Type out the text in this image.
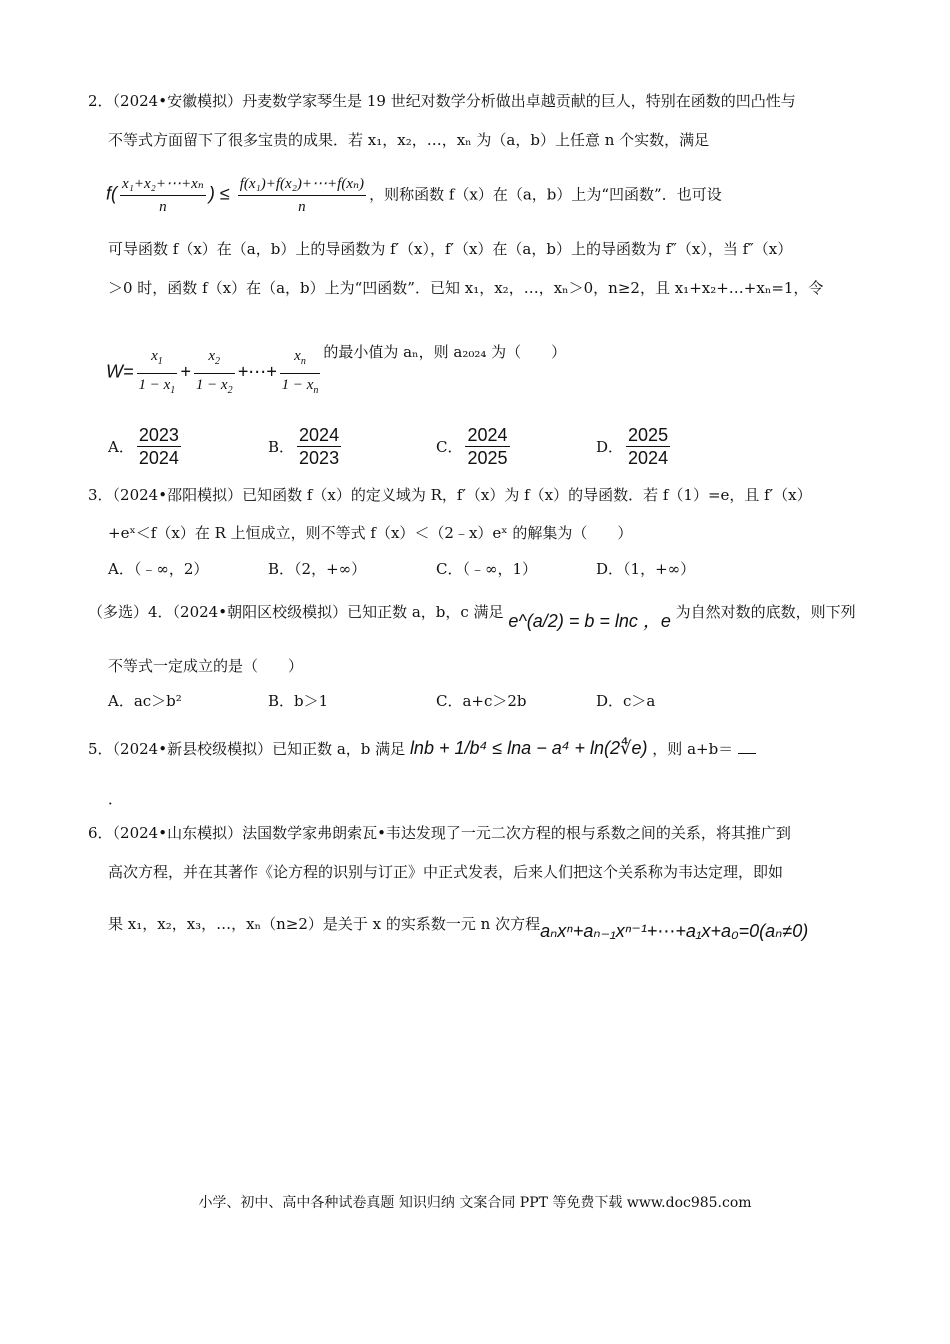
2．（2024•安徽模拟）丹麦数学家琴生是 19 世纪对数学分析做出卓越贡献的巨人，特别在函数的凹凸性与
不等式方面留下了很多宝贵的成果．若 x₁，x₂，…，xₙ 为（a，b）上任意 n 个实数，满足
$f( \frac{\text{x₁+x₂+⋯+xₙ}}{n}$ ) ≤ $\frac{\text{f(x₁)+f(x₂)+⋯+f(xₙ)}}{n}$ ，则称函数 f（x）在（a，b）上为“凹函数”．也可设
可导函数 f（x）在（a，b）上的导函数为 f′（x），f′（x）在（a，b）上的导函数为 f″（x），当 f″（x）
＞0 时，函数 f（x）在（a，b）上为“凹函数”．已知 x₁，x₂，…，xₙ＞0，n≥2，且 x₁+x₂+…+xₙ=1，令
$W= \frac{x_1}{1 - x_1} + \frac{x_2}{1 - x_2}$ +⋯+ $\frac{x_n}{1 - x_n}$ 的最小值为 aₙ，则 a₂₀₂₄ 为（　　）
A． $\frac{2023}{2024}$	B． $\frac{2024}{2023}$	C． $\frac{2024}{2025}$	D． $\frac{2025}{2024}$
3．（2024•邵阳模拟）已知函数 f（x）的定义域为 R，f′（x）为 f（x）的导函数．若 f（1）=e，且 f′（x）
+eˣ＜f（x）在 R 上恒成立，则不等式 f（x）＜（2﹣x）eˣ 的解集为（　　）
A．（﹣∞，2）	B．（2，+∞）	C．（﹣∞，1）	D．（1，+∞）
（多选）4．（2024•朝阳区校级模拟）已知正数 a，b，c 满足 e^(a/2) = b = lnc ，e 为自然对数的底数，则下列
不等式一定成立的是（　　）
A．ac＞b²	B．b＞1	C．a+c＞2b	D．c＞a
5．（2024•新县校级模拟）已知正数 a，b 满足 lnb + 1/b⁴ ≤ lna − a⁴ + ln(2∜e) ，则 a+b＝
．
6．（2024•山东模拟）法国数学家弗朗索瓦•韦达发现了一元二次方程的根与系数之间的关系，将其推广到
高次方程，并在其著作《论方程的识别与订正》中正式发表，后来人们把这个关系称为韦达定理，即如
果 x₁，x₂，x₃，…，xₙ（n≥2）是关于 x 的实系数一元 n 次方程aₙxⁿ+aₙ₋₁xⁿ⁻¹+⋯+a₁x+a₀=0(aₙ≠0)
小学、初中、高中各种试卷真题 知识归纳 文案合同 PPT 等免费下载 www.doc985.com
